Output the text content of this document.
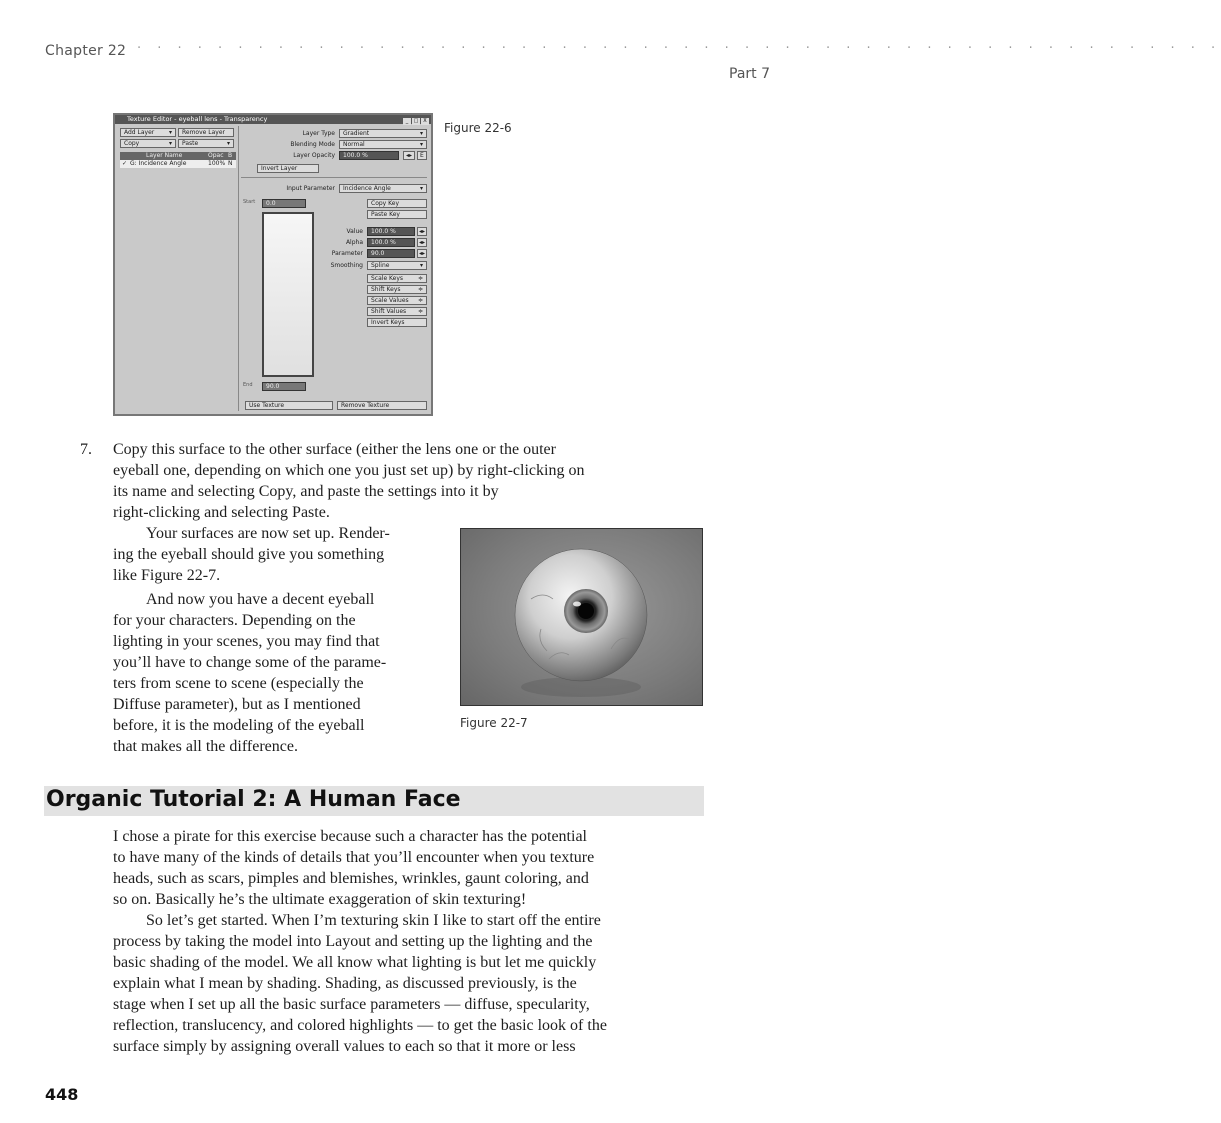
Chapter 22 · · · · · · · · · · · · · · · · · · · · · · · · · · · · · · · · · · · · · · · · · · · · · · · · · · · · · ·
Part 7
Texture Editor - eyeball lens - Transparency	_ □ X
Add Layer ▾	Remove Layer
Copy	▾	Paste	▾
Layer Name	Opac B
✓ G: Incidence Angle	100% N
Layer Type	Gradient	▾
Blending Mode	Normal	▾
Layer Opacity	100.0 %	◂▸	E
Invert Layer
Input Parameter	Incidence Angle	▾
Start	0.0
End	90.0
Copy Key
Paste Key
Value	100.0 %	◂▸
Alpha	100.0 %	◂▸
Parameter	90.0	◂▸
Smoothing	Spline	▾
Scale Keys ≑
Shift Keys	≑
Scale Values ≑
Shift Values ≑
Invert Keys
Use Texture	Remove Texture
Figure 22-6
7. Copy this surface to the other surface (either the lens one or the outer
eyeball one, depending on which one you just set up) by right-clicking on
its name and selecting Copy, and paste the settings into it by
right-clicking and selecting Paste.
Your surfaces are now set up. Render-
ing the eyeball should give you something
like Figure 22-7.
And now you have a decent eyeball
for your characters. Depending on the
lighting in your scenes, you may find that
you’ll have to change some of the parame-
ters from scene to scene (especially the
Diffuse parameter), but as I mentioned
before, it is the modeling of the eyeball
that makes all the difference.
Figure 22-7
Organic Tutorial 2: A Human Face
I chose a pirate for this exercise because such a character has the potential
to have many of the kinds of details that you’ll encounter when you texture
heads, such as scars, pimples and blemishes, wrinkles, gaunt coloring, and
so on. Basically he’s the ultimate exaggeration of skin texturing!
So let’s get started. When I’m texturing skin I like to start off the entire
process by taking the model into Layout and setting up the lighting and the
basic shading of the model. We all know what lighting is but let me quickly
explain what I mean by shading. Shading, as discussed previously, is the
stage when I set up all the basic surface parameters — diffuse, specularity,
reflection, translucency, and colored highlights — to get the basic look of the
surface simply by assigning overall values to each so that it more or less
448
